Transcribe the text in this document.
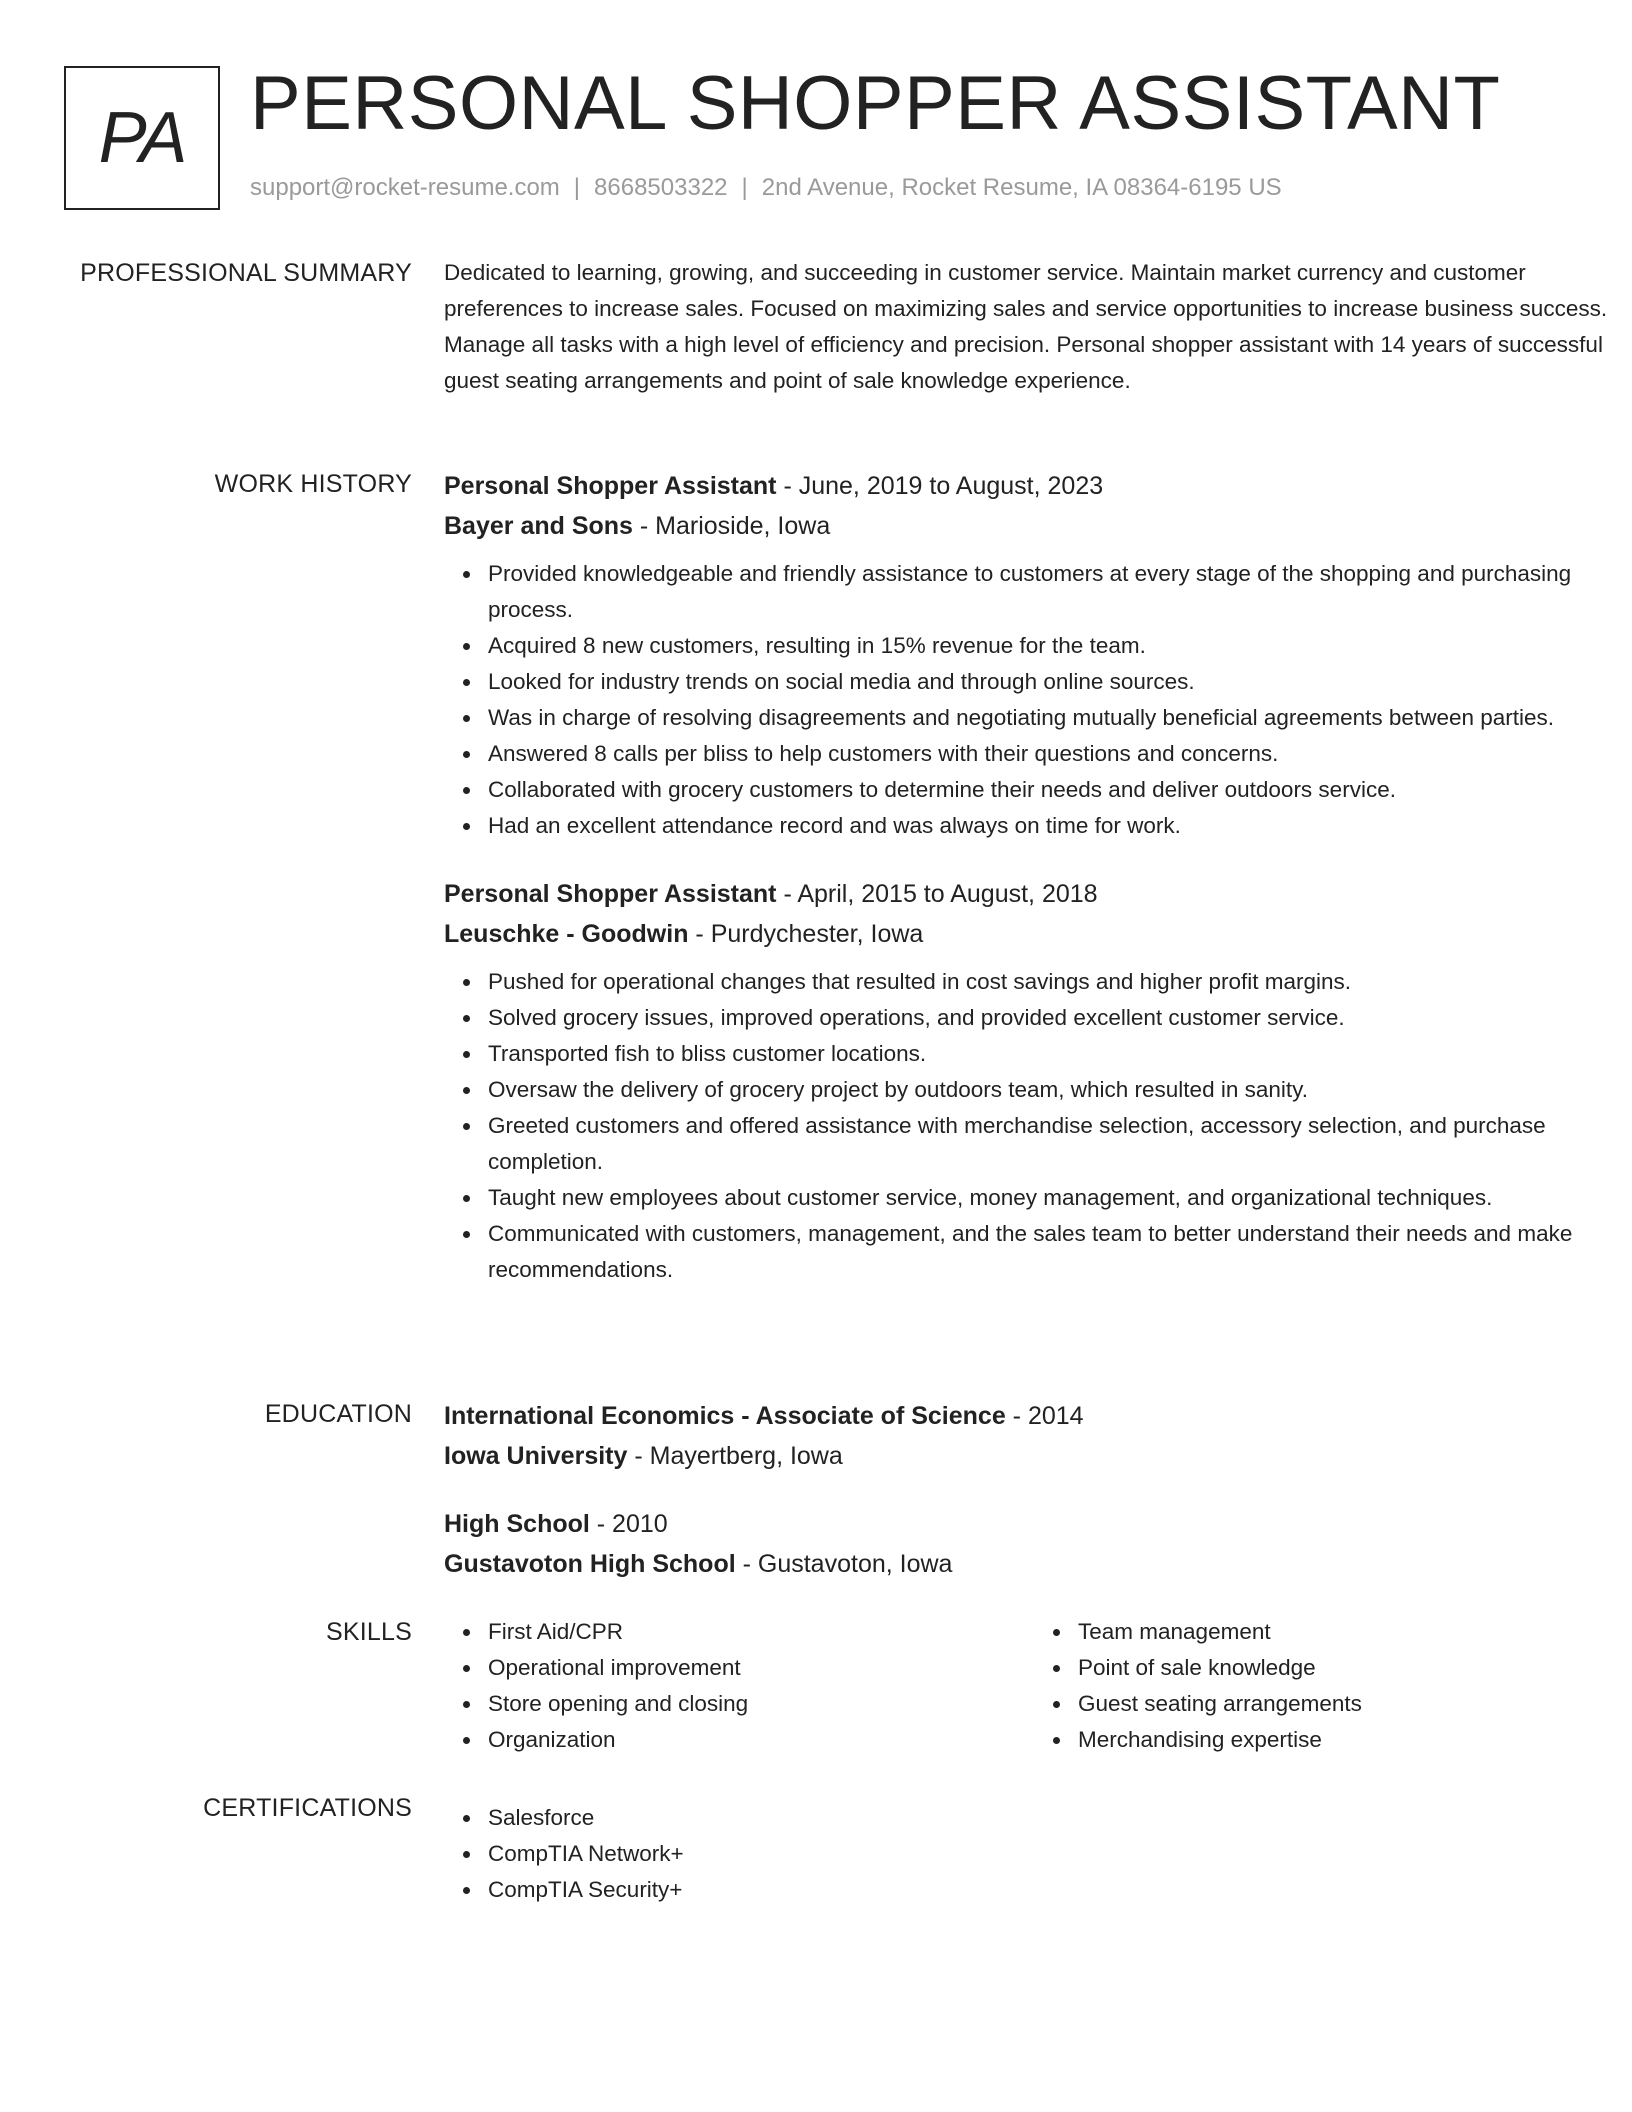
PA PERSONAL SHOPPER ASSISTANT
support@rocket-resume.com | 8668503322 | 2nd Avenue, Rocket Resume, IA 08364-6195 US
PROFESSIONAL SUMMARY Dedicated to learning, growing, and succeeding in customer service. Maintain market currency and customer preferences to increase sales. Focused on maximizing sales and service opportunities to increase business success. Manage all tasks with a high level of efficiency and precision. Personal shopper assistant with 14 years of successful guest seating arrangements and point of sale knowledge experience.

WORK HISTORY Personal Shopper Assistant - June, 2019 to August, 2023
Bayer and Sons - Marioside, Iowa
Provided knowledgeable and friendly assistance to customers at every stage of the shopping and purchasing process.
Acquired 8 new customers, resulting in 15% revenue for the team.
Looked for industry trends on social media and through online sources.
Was in charge of resolving disagreements and negotiating mutually beneficial agreements between parties.
Answered 8 calls per bliss to help customers with their questions and concerns.
Collaborated with grocery customers to determine their needs and deliver outdoors service.
Had an excellent attendance record and was always on time for work.
Personal Shopper Assistant - April, 2015 to August, 2018
Leuschke - Goodwin - Purdychester, Iowa
Pushed for operational changes that resulted in cost savings and higher profit margins.
Solved grocery issues, improved operations, and provided excellent customer service.
Transported fish to bliss customer locations.
Oversaw the delivery of grocery project by outdoors team, which resulted in sanity.
Greeted customers and offered assistance with merchandise selection, accessory selection, and purchase completion.
Taught new employees about customer service, money management, and organizational techniques.
Communicated with customers, management, and the sales team to better understand their needs and make recommendations.
EDUCATION International Economics - Associate of Science - 2014
Iowa University - Mayertberg, Iowa
High School - 2010
Gustavoton High School - Gustavoton, Iowa
SKILLS	First Aid/CPR
Operational improvement
Store opening and closing
Organization
Team management
Point of sale knowledge
Guest seating arrangements
Merchandising expertise
CERTIFICATIONS	Salesforce
CompTIA Network+
CompTIA Security+
